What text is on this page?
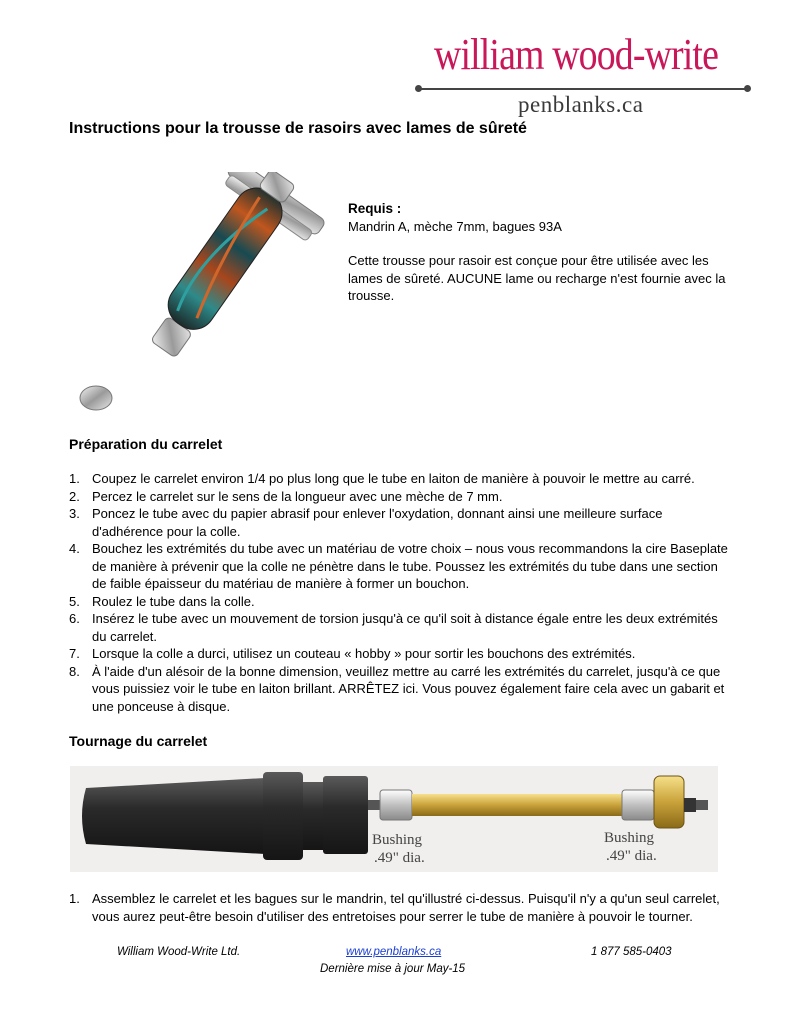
william wood-write
penblanks.ca
Instructions pour la trousse de rasoirs avec lames de sûreté
Requis :
Mandrin A, mèche 7mm, bagues 93A
Cette trousse pour rasoir est conçue pour être utilisée avec les lames de sûreté. AUCUNE lame ou recharge n'est fournie avec la trousse.
Préparation du carrelet
1. Coupez le carrelet environ 1/4 po plus long que le tube en laiton de manière à pouvoir le mettre au carré.
2. Percez le carrelet sur le sens de la longueur avec une mèche de 7 mm.
3. Poncez le tube avec du papier abrasif pour enlever l'oxydation, donnant ainsi une meilleure surface d'adhérence pour la colle.
4. Bouchez les extrémités du tube avec un matériau de votre choix – nous vous recommandons la cire Baseplate de manière à prévenir que la colle ne pénètre dans le tube. Poussez les extrémités du tube dans une section de faible épaisseur du matériau de manière à former un bouchon.
5. Roulez le tube dans la colle.
6. Insérez le tube avec un mouvement de torsion jusqu'à ce qu'il soit à distance égale entre les deux extrémités du carrelet.
7. Lorsque la colle a durci, utilisez un couteau « hobby » pour sortir les bouchons des extrémités.
8. À l'aide d'un alésoir de la bonne dimension, veuillez mettre au carré les extrémités du carrelet, jusqu'à ce que vous puissiez voir le tube en laiton brillant. ARRÊTEZ ici. Vous pouvez également faire cela avec un gabarit et une ponceuse à disque.
Tournage du carrelet
Bushing
.49" dia.
Bushing
.49" dia.
1. Assemblez le carrelet et les bagues sur le mandrin, tel qu'illustré ci-dessus. Puisqu'il n'y a qu'un seul carrelet, vous aurez peut-être besoin d'utiliser des entretoises pour serrer le tube de manière à pouvoir le tourner.
William Wood-Write Ltd.	www.penblanks.ca	1 877 585-0403
Dernière mise à jour May-15
